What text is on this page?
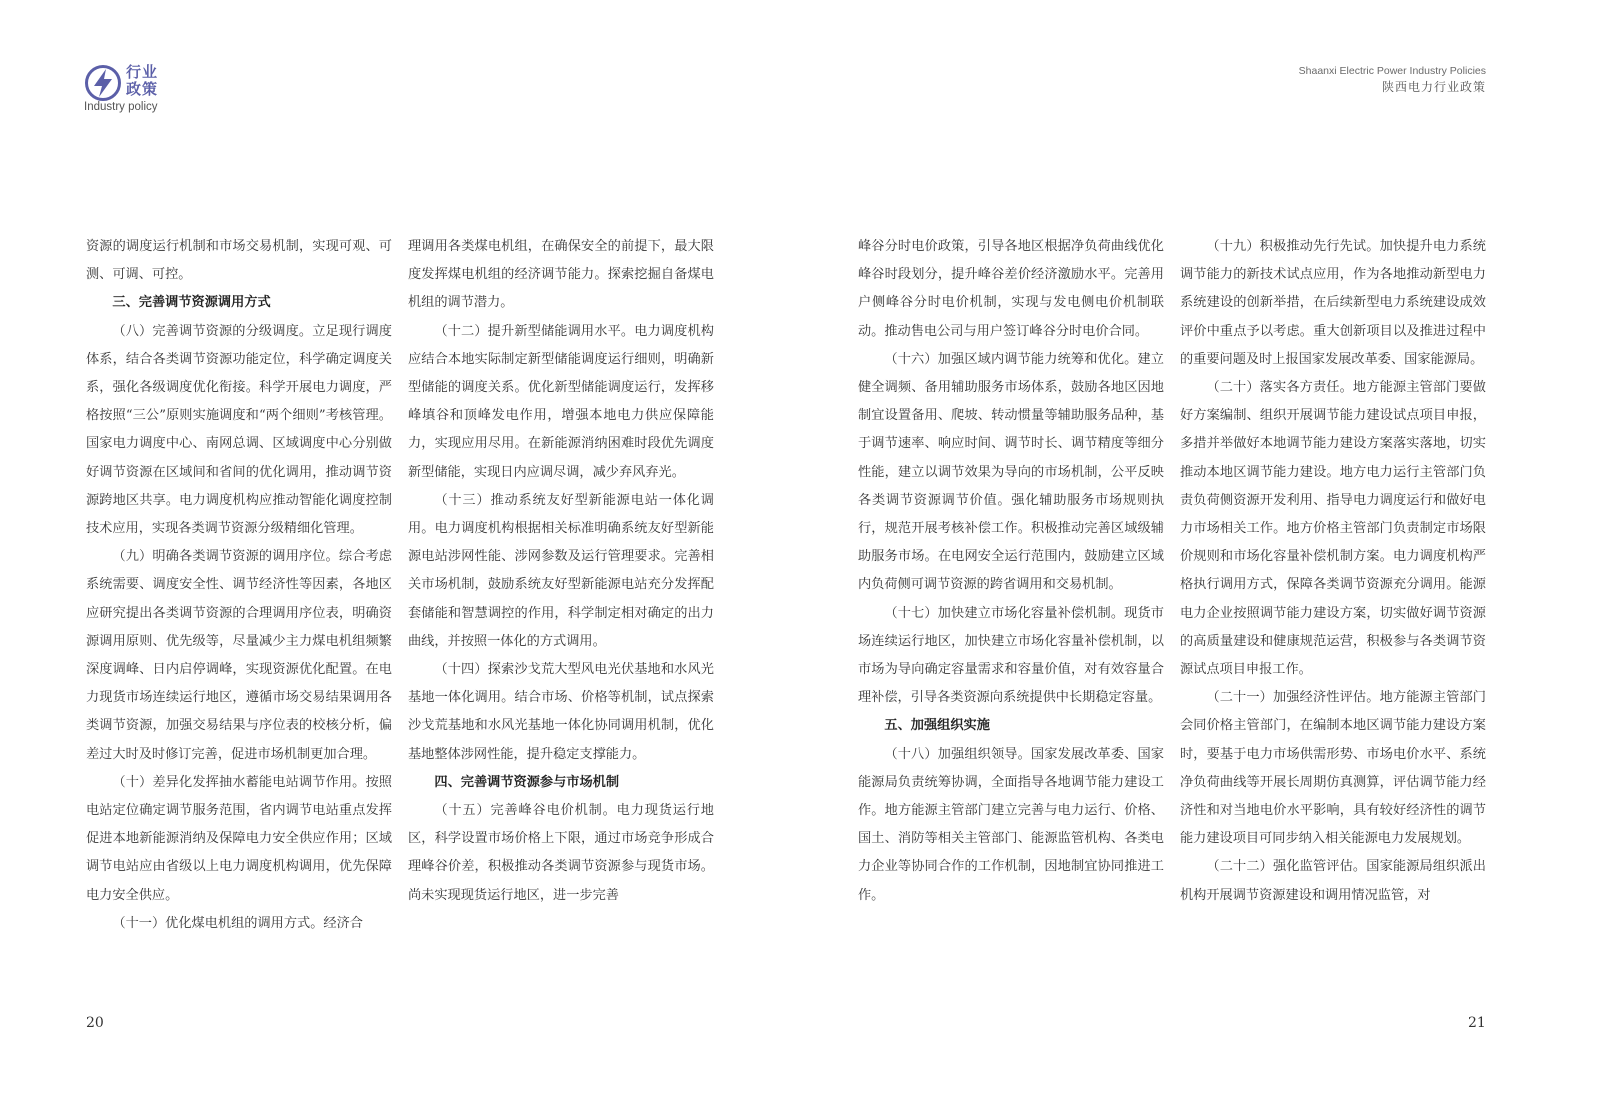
行业
政策
Industry policy
Shaanxi Electric Power Industry Policies
陕西电力行业政策

资源的调度运行机制和市场交易机制，实现可观、可测、可调、可控。

三、完善调节资源调用方式

（八）完善调节资源的分级调度。立足现行调度体系，结合各类调节资源功能定位，科学确定调度关系，强化各级调度优化衔接。科学开展电力调度，严格按照“三公”原则实施调度和“两个细则”考核管理。国家电力调度中心、南网总调、区域调度中心分别做好调节资源在区域间和省间的优化调用，推动调节资源跨地区共享。电力调度机构应推动智能化调度控制技术应用，实现各类调节资源分级精细化管理。

（九）明确各类调节资源的调用序位。综合考虑系统需要、调度安全性、调节经济性等因素，各地区应研究提出各类调节资源的合理调用序位表，明确资源调用原则、优先级等，尽量减少主力煤电机组频繁深度调峰、日内启停调峰，实现资源优化配置。在电力现货市场连续运行地区，遵循市场交易结果调用各类调节资源，加强交易结果与序位表的校核分析，偏差过大时及时修订完善，促进市场机制更加合理。

（十）差异化发挥抽水蓄能电站调节作用。按照电站定位确定调节服务范围，省内调节电站重点发挥促进本地新能源消纳及保障电力安全供应作用；区域调节电站应由省级以上电力调度机构调用，优先保障电力安全供应。

（十一）优化煤电机组的调用方式。经济合

理调用各类煤电机组，在确保安全的前提下，最大限度发挥煤电机组的经济调节能力。探索挖掘自备煤电机组的调节潜力。

（十二）提升新型储能调用水平。电力调度机构应结合本地实际制定新型储能调度运行细则，明确新型储能的调度关系。优化新型储能调度运行，发挥移峰填谷和顶峰发电作用，增强本地电力供应保障能力，实现应用尽用。在新能源消纳困难时段优先调度新型储能，实现日内应调尽调，减少弃风弃光。

（十三）推动系统友好型新能源电站一体化调用。电力调度机构根据相关标准明确系统友好型新能源电站涉网性能、涉网参数及运行管理要求。完善相关市场机制，鼓励系统友好型新能源电站充分发挥配套储能和智慧调控的作用，科学制定相对确定的出力曲线，并按照一体化的方式调用。

（十四）探索沙戈荒大型风电光伏基地和水风光基地一体化调用。结合市场、价格等机制，试点探索沙戈荒基地和水风光基地一体化协同调用机制，优化基地整体涉网性能，提升稳定支撑能力。

四、完善调节资源参与市场机制

（十五）完善峰谷电价机制。电力现货运行地区，科学设置市场价格上下限，通过市场竞争形成合理峰谷价差，积极推动各类调节资源参与现货市场。尚未实现现货运行地区，进一步完善

峰谷分时电价政策，引导各地区根据净负荷曲线优化峰谷时段划分，提升峰谷差价经济激励水平。完善用户侧峰谷分时电价机制，实现与发电侧电价机制联动。推动售电公司与用户签订峰谷分时电价合同。

（十六）加强区域内调节能力统筹和优化。建立健全调频、备用辅助服务市场体系，鼓励各地区因地制宜设置备用、爬坡、转动惯量等辅助服务品种，基于调节速率、响应时间、调节时长、调节精度等细分性能，建立以调节效果为导向的市场机制，公平反映各类调节资源调节价值。强化辅助服务市场规则执行，规范开展考核补偿工作。积极推动完善区域级辅助服务市场。在电网安全运行范围内，鼓励建立区域内负荷侧可调节资源的跨省调用和交易机制。

（十七）加快建立市场化容量补偿机制。现货市场连续运行地区，加快建立市场化容量补偿机制，以市场为导向确定容量需求和容量价值，对有效容量合理补偿，引导各类资源向系统提供中长期稳定容量。

五、加强组织实施

（十八）加强组织领导。国家发展改革委、国家能源局负责统筹协调，全面指导各地调节能力建设工作。地方能源主管部门建立完善与电力运行、价格、国土、消防等相关主管部门、能源监管机构、各类电力企业等协同合作的工作机制，因地制宜协同推进工作。

（十九）积极推动先行先试。加快提升电力系统调节能力的新技术试点应用，作为各地推动新型电力系统建设的创新举措，在后续新型电力系统建设成效评价中重点予以考虑。重大创新项目以及推进过程中的重要问题及时上报国家发展改革委、国家能源局。

（二十）落实各方责任。地方能源主管部门要做好方案编制、组织开展调节能力建设试点项目申报，多措并举做好本地调节能力建设方案落实落地，切实推动本地区调节能力建设。地方电力运行主管部门负责负荷侧资源开发利用、指导电力调度运行和做好电力市场相关工作。地方价格主管部门负责制定市场限价规则和市场化容量补偿机制方案。电力调度机构严格执行调用方式，保障各类调节资源充分调用。能源电力企业按照调节能力建设方案，切实做好调节资源的高质量建设和健康规范运营，积极参与各类调节资源试点项目申报工作。

（二十一）加强经济性评估。地方能源主管部门会同价格主管部门，在编制本地区调节能力建设方案时，要基于电力市场供需形势、市场电价水平、系统净负荷曲线等开展长周期仿真测算，评估调节能力经济性和对当地电价水平影响，具有较好经济性的调节能力建设项目可同步纳入相关能源电力发展规划。

（二十二）强化监管评估。国家能源局组织派出机构开展调节资源建设和调用情况监管，对

20	21
